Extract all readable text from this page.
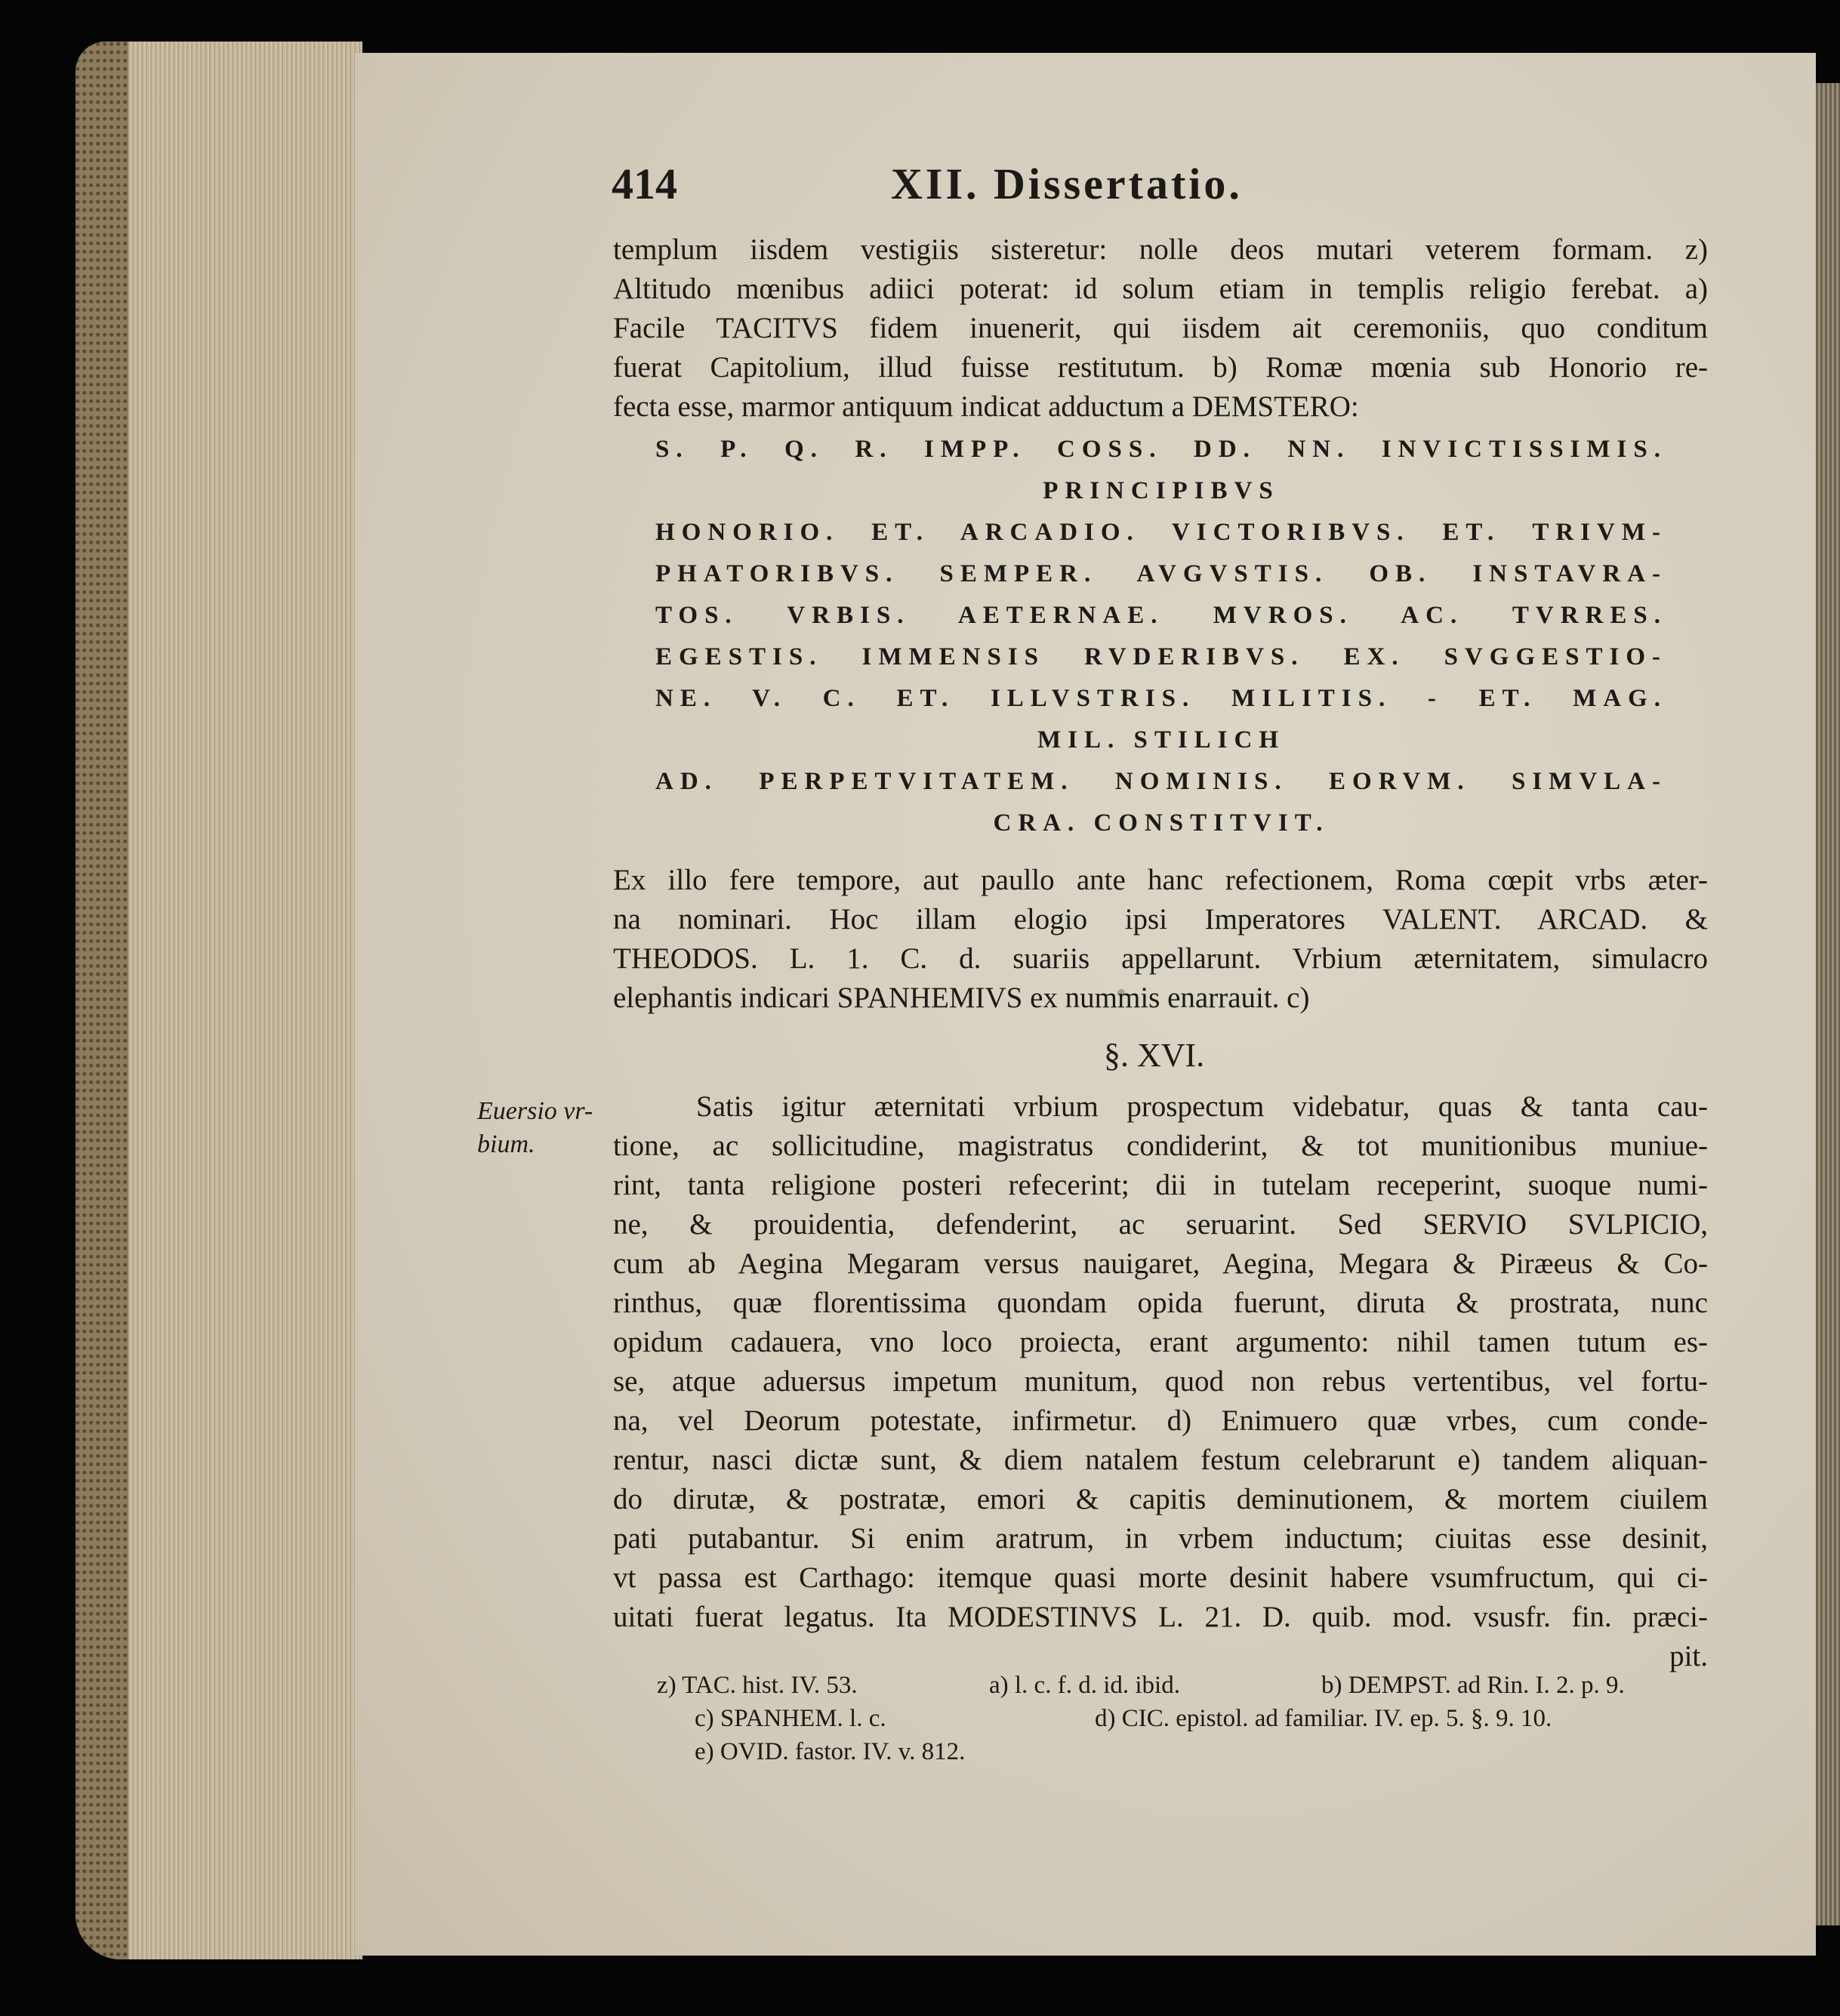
414	XII. Dissertatio.
templum iisdem vestigiis sisteretur: nolle deos mutari veterem formam. z)
Altitudo mœnibus adiici poterat: id solum etiam in templis religio ferebat. a)
Facile TACITVS fidem inuenerit, qui iisdem ait ceremoniis, quo conditum
fuerat Capitolium, illud fuisse restitutum. b) Romæ mœnia sub Honorio re-
fecta esse, marmor antiquum indicat adductum a DEMSTERO:
S. P. Q. R. IMPP. COSS. DD. NN. INVICTISSIMIS.
PRINCIPIBVS
HONORIO. ET. ARCADIO. VICTORIBVS. ET. TRIVM-
PHATORIBVS. SEMPER. AVGVSTIS. OB. INSTAVRA-
TOS. VRBIS. AETERNAE. MVROS. AC. TVRRES.
EGESTIS. IMMENSIS RVDERIBVS. EX. SVGGESTIO-
NE. V. C. ET. ILLVSTRIS. MILITIS. - ET. MAG.
MIL. STILICH
AD. PERPETVITATEM. NOMINIS. EORVM. SIMVLA-
CRA. CONSTITVIT.
Ex illo fere tempore, aut paullo ante hanc refectionem, Roma cœpit vrbs æter-
na nominari. Hoc illam elogio ipsi Imperatores VALENT. ARCAD. &
THEODOS. L. 1. C. d. suariis appellarunt. Vrbium æternitatem, simulacro
elephantis indicari SPANHEMIVS ex nummis enarrauit. c)
§. XVI.
Euersio vr-
bium.
Satis igitur æternitati vrbium prospectum videbatur, quas & tanta cau-
tione, ac sollicitudine, magistratus condiderint, & tot munitionibus muniue-
rint, tanta religione posteri refecerint; dii in tutelam receperint, suoque numi-
ne, & prouidentia, defenderint, ac seruarint. Sed SERVIO SVLPICIO,
cum ab Aegina Megaram versus nauigaret, Aegina, Megara & Piræeus & Co-
rinthus, quæ florentissima quondam opida fuerunt, diruta & prostrata, nunc
opidum cadauera, vno loco proiecta, erant argumento: nihil tamen tutum es-
se, atque aduersus impetum munitum, quod non rebus vertentibus, vel fortu-
na, vel Deorum potestate, infirmetur. d) Enimuero quæ vrbes, cum conde-
rentur, nasci dictæ sunt, & diem natalem festum celebrarunt e) tandem aliquan-
do dirutæ, & postratæ, emori & capitis deminutionem, & mortem ciuilem
pati putabantur. Si enim aratrum, in vrbem inductum; ciuitas esse desinit,
vt passa est Carthago: itemque quasi morte desinit habere vsumfructum, qui ci-
uitati fuerat legatus. Ita MODESTINVS L. 21. D. quib. mod. vsusfr. fin. præci-
pit.
z) TAC. hist. IV. 53.	a) l. c. f. d. id. ibid.	b) DEMPST. ad Rin. I. 2. p. 9.
c) SPANHEM. l. c.	d) CIC. epistol. ad familiar. IV. ep. 5. §. 9. 10.
e) OVID. fastor. IV. v. 812.
